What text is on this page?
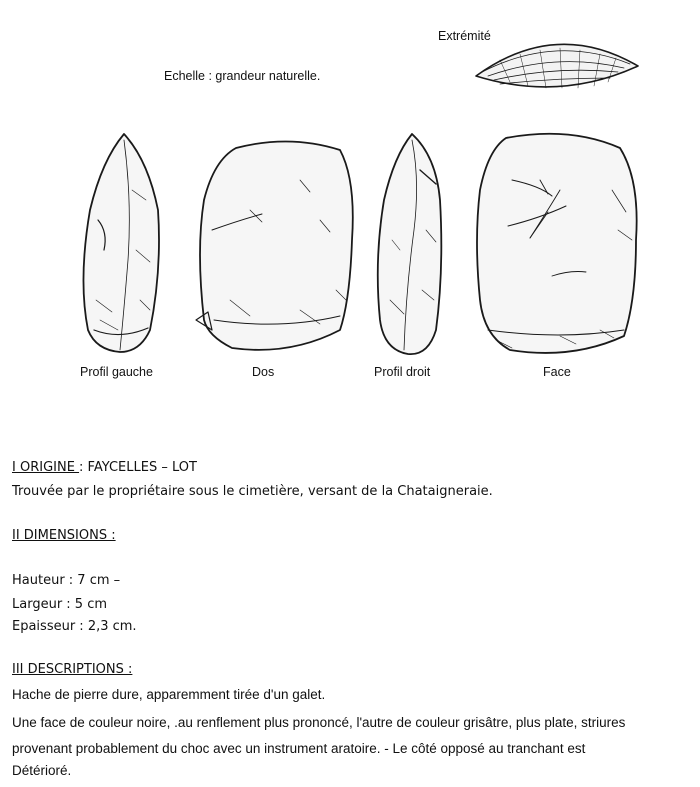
Extrémité
Echelle : grandeur naturelle.
Profil gauche	Dos	Profil droit	Face
I ORIGINE : FAYCELLES – LOT
Trouvée par le propriétaire sous le cimetière, versant de la Chataigneraie.
II DIMENSIONS :
Hauteur : 7 cm –
Largeur : 5 cm
Epaisseur : 2,3 cm.
III DESCRIPTIONS :
Hache de pierre dure, apparemment tirée d'un galet.
Une face de couleur noire, .au renflement plus prononcé, l'autre de couleur grisâtre, plus plate, striures
provenant probablement du choc avec un instrument aratoire. - Le côté opposé au tranchant est
Détérioré.
